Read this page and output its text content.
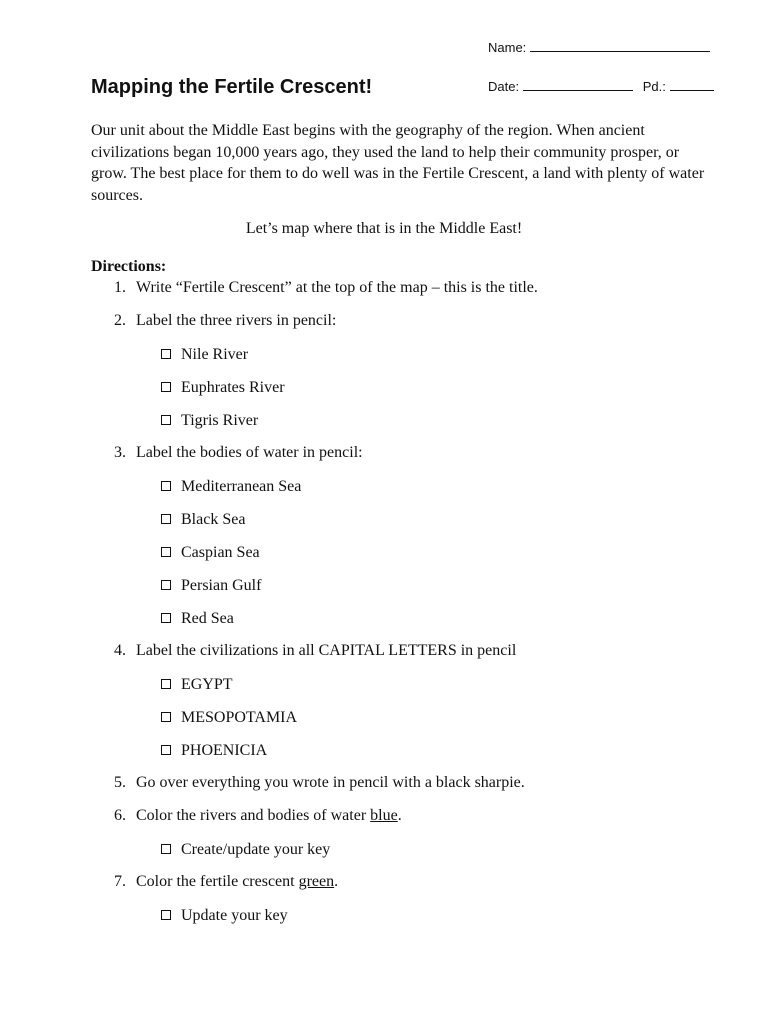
Name:
Date:	Pd.:
Mapping the Fertile Crescent!
Our unit about the Middle East begins with the geography of the region. When ancient civilizations began 10,000 years ago, they used the land to help their community prosper, or grow. The best place for them to do well was in the Fertile Crescent, a land with plenty of water sources.
Let’s map where that is in the Middle East!
Directions:
1. Write “Fertile Crescent” at the top of the map – this is the title.
2. Label the three rivers in pencil:
Nile River
Euphrates River
Tigris River
3. Label the bodies of water in pencil:
Mediterranean Sea
Black Sea
Caspian Sea
Persian Gulf
Red Sea
4. Label the civilizations in all CAPITAL LETTERS in pencil
EGYPT
MESOPOTAMIA
PHOENICIA
5. Go over everything you wrote in pencil with a black sharpie.
6. Color the rivers and bodies of water blue.
Create/update your key
7. Color the fertile crescent green.
Update your key
